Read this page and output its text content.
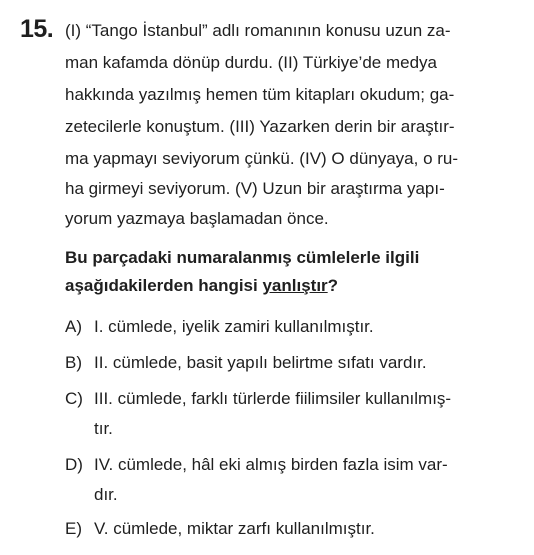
15. (I) “Tango İstanbul” adlı romanının konusu uzun za-
man kafamda dönüp durdu. (II) Türkiye’de medya
hakkında yazılmış hemen tüm kitapları okudum; ga-
zetecilerle konuştum. (III) Yazarken derin bir araştır-
ma yapmayı seviyorum çünkü. (IV) O dünyaya, o ru-
ha girmeyi seviyorum. (V) Uzun bir araştırma yapı-
yorum yazmaya başlamadan önce.
Bu parçadaki numaralanmış cümlelerle ilgili
aşağıdakilerden hangisi yanlıştır?
A) I. cümlede, iyelik zamiri kullanılmıştır.
B) II. cümlede, basit yapılı belirtme sıfatı vardır.
C) III. cümlede, farklı türlerde fiilimsiler kullanılmış-
tır.
D) IV. cümlede, hâl eki almış birden fazla isim var-
dır.
E) V. cümlede, miktar zarfı kullanılmıştır.
